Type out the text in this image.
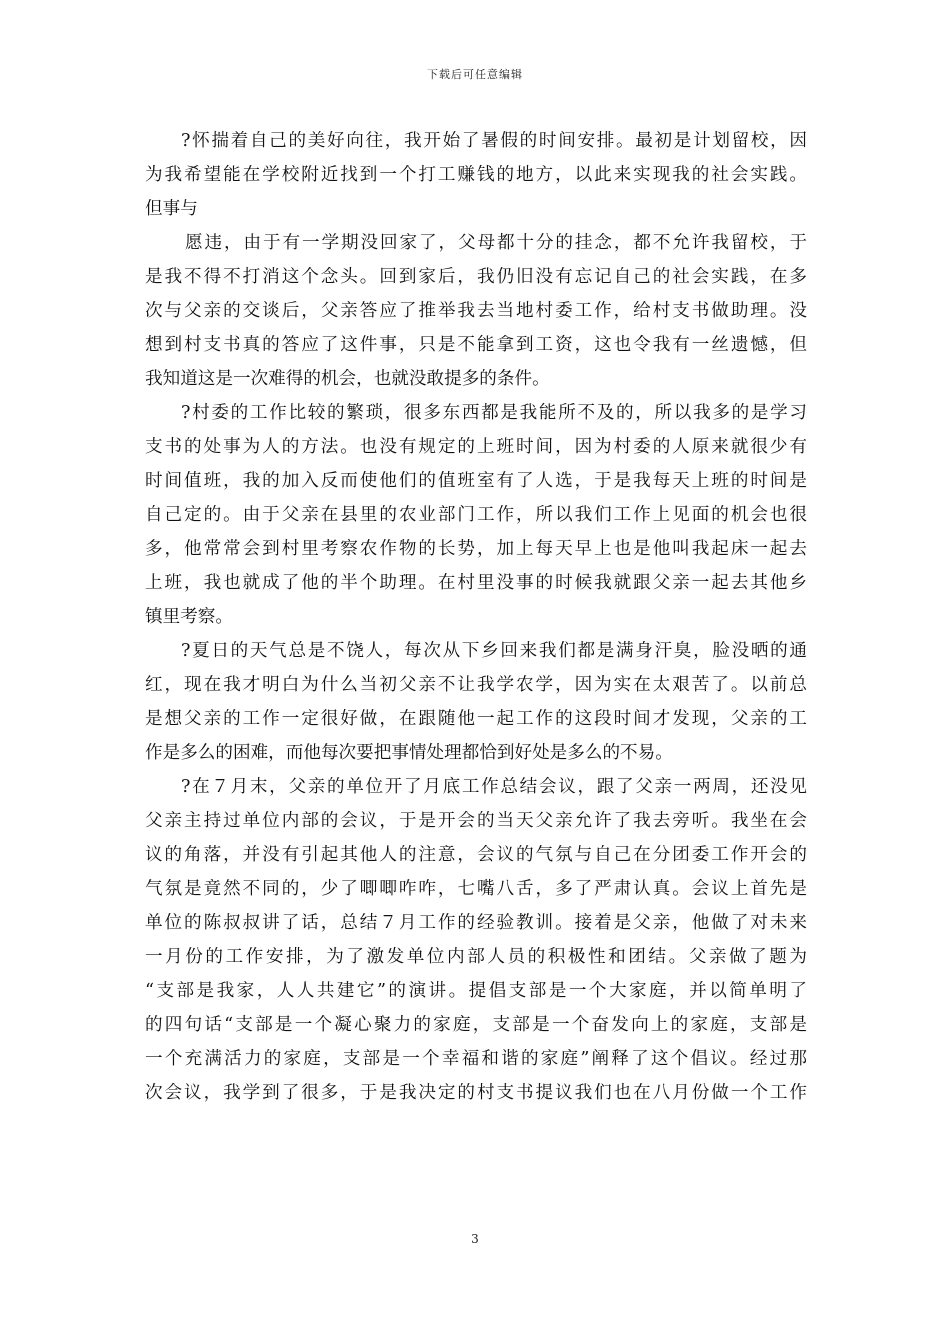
下载后可任意编辑
?怀揣着自己的美好向往，我开始了暑假的时间安排。最初是计划留校，因
为我希望能在学校附近找到一个打工赚钱的地方，以此来实现我的社会实践。
但事与
愿违，由于有一学期没回家了，父母都十分的挂念，都不允许我留校，于
是我不得不打消这个念头。回到家后，我仍旧没有忘记自己的社会实践，在多
次与父亲的交谈后，父亲答应了推举我去当地村委工作，给村支书做助理。没
想到村支书真的答应了这件事，只是不能拿到工资，这也令我有一丝遗憾，但
我知道这是一次难得的机会，也就没敢提多的条件。
?村委的工作比较的繁琐，很多东西都是我能所不及的，所以我多的是学习
支书的处事为人的方法。也没有规定的上班时间，因为村委的人原来就很少有
时间值班，我的加入反而使他们的值班室有了人选，于是我每天上班的时间是
自己定的。由于父亲在县里的农业部门工作，所以我们工作上见面的机会也很
多，他常常会到村里考察农作物的长势，加上每天早上也是他叫我起床一起去
上班，我也就成了他的半个助理。在村里没事的时候我就跟父亲一起去其他乡
镇里考察。
?夏日的天气总是不饶人，每次从下乡回来我们都是满身汗臭，脸没晒的通
红，现在我才明白为什么当初父亲不让我学农学，因为实在太艰苦了。以前总
是想父亲的工作一定很好做，在跟随他一起工作的这段时间才发现，父亲的工
作是多么的困难，而他每次要把事情处理都恰到好处是多么的不易。
?在７月末，父亲的单位开了月底工作总结会议，跟了父亲一两周，还没见
父亲主持过单位内部的会议，于是开会的当天父亲允许了我去旁听。我坐在会
议的角落，并没有引起其他人的注意，会议的气氛与自己在分团委工作开会的
气氛是竟然不同的，少了唧唧咋咋，七嘴八舌，多了严肃认真。会议上首先是
单位的陈叔叔讲了话，总结７月工作的经验教训。接着是父亲，他做了对未来
一月份的工作安排，为了激发单位内部人员的积极性和团结。父亲做了题为
“支部是我家，人人共建它”的演讲。提倡支部是一个大家庭，并以简单明了
的四句话“支部是一个凝心聚力的家庭，支部是一个奋发向上的家庭，支部是
一个充满活力的家庭，支部是一个幸福和谐的家庭”阐释了这个倡议。经过那
次会议，我学到了很多，于是我决定的村支书提议我们也在八月份做一个工作
3
